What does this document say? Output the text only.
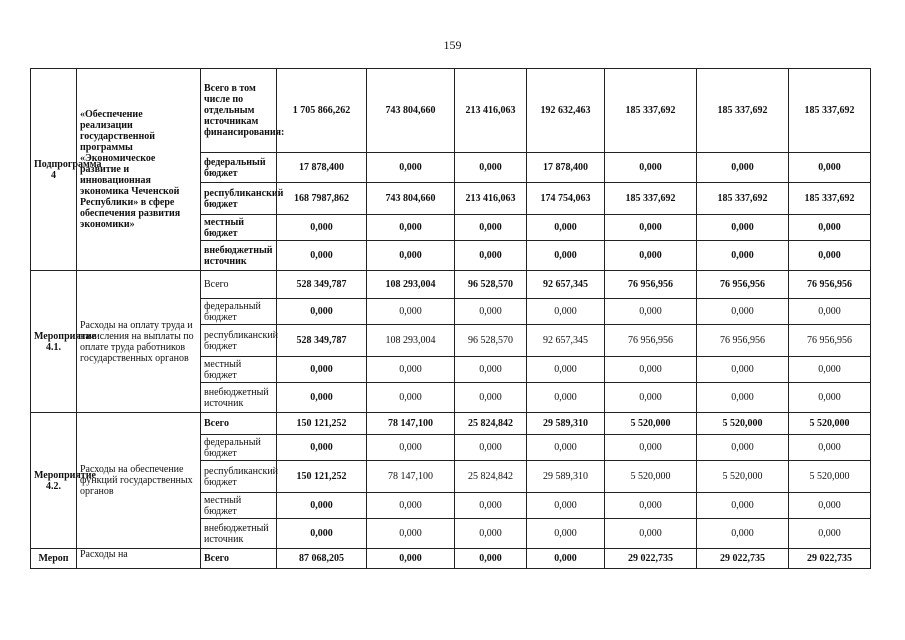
159
Подпрограмма 4	«Обеспечение реализации государственной программы «Экономическое развитие и инновационная экономика Чеченской Республики» в сфере обеспечения развития экономики»	Всего в том числе по отдельным источникам финансирования:	1 705 866,262	743 804,660	213 416,063	192 632,463	185 337,692	185 337,692	185 337,692
		федеральный бюджет	17 878,400	0,000	0,000	17 878,400	0,000	0,000	0,000
		республиканский бюджет	168 7987,862	743 804,660	213 416,063	174 754,063	185 337,692	185 337,692	185 337,692
		местный бюджет	0,000	0,000	0,000	0,000	0,000	0,000	0,000
		внебюджетный источник	0,000	0,000	0,000	0,000	0,000	0,000	0,000
Мероприятие 4.1.	Расходы на оплату труда и начисления на выплаты по оплате труда работников государственных органов	Всего	528 349,787	108 293,004	96 528,570	92 657,345	76 956,956	76 956,956	76 956,956
		федеральный бюджет	0,000	0,000	0,000	0,000	0,000	0,000	0,000
		республиканский бюджет	528 349,787	108 293,004	96 528,570	92 657,345	76 956,956	76 956,956	76 956,956
		местный бюджет	0,000	0,000	0,000	0,000	0,000	0,000	0,000
		внебюджетный источник	0,000	0,000	0,000	0,000	0,000	0,000	0,000
Мероприятие 4.2.	Расходы на обеспечение функций государственных органов	Всего	150 121,252	78 147,100	25 824,842	29 589,310	5 520,000	5 520,000	5 520,000
		федеральный бюджет	0,000	0,000	0,000	0,000	0,000	0,000	0,000
		республиканский бюджет	150 121,252	78 147,100	25 824,842	29 589,310	5 520,000	5 520,000	5 520,000
		местный бюджет	0,000	0,000	0,000	0,000	0,000	0,000	0,000
		внебюджетный источник	0,000	0,000	0,000	0,000	0,000	0,000	0,000
Мероп	Расходы на	Всего	87 068,205	0,000	0,000	0,000	29 022,735	29 022,735	29 022,735
